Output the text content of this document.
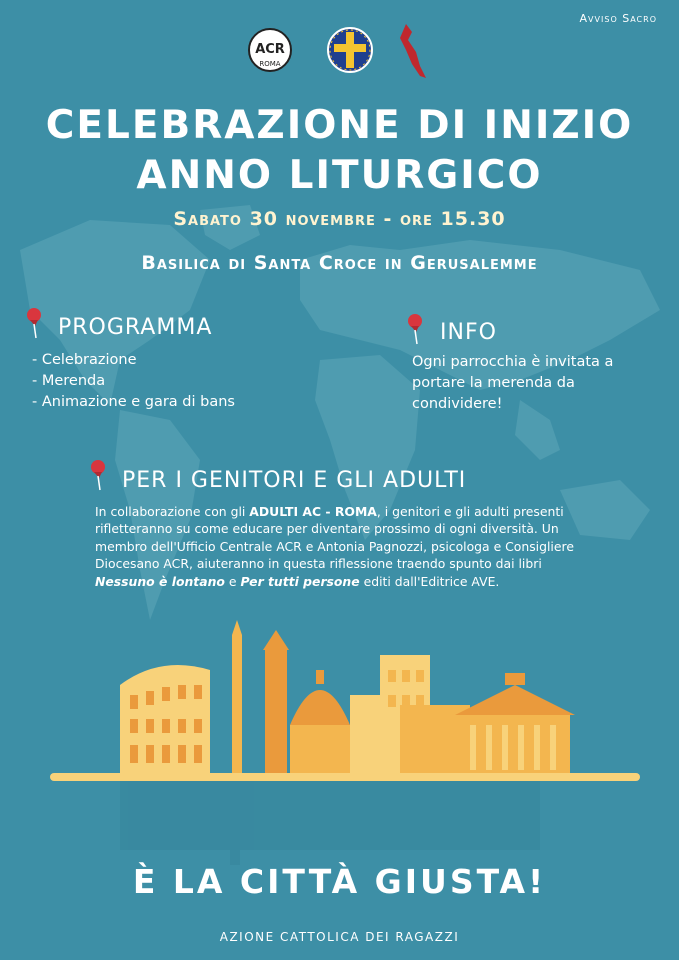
Avviso Sacro
ACR
ROMA
CELEBRAZIONE DI INIZIO
ANNO LITURGICO
Sabato 30 novembre - ore 15.30
Basilica di Santa Croce in Gerusalemme
PROGRAMMA
- Celebrazione
- Merenda
- Animazione e gara di bans
INFO
Ogni parrocchia è invitata a
portare la merenda da
condividere!
PER I GENITORI E GLI ADULTI

In collaborazione con gli ADULTI AC - ROMA, i genitori e gli adulti presenti rifletteranno su come educare per diventare prossimo di ogni diversità. Un membro dell'Ufficio Centrale ACR e Antonia Pagnozzi, psicologa e Consigliere Diocesano ACR, aiuteranno in questa riflessione traendo spunto dai libri Nessuno è lontano e Per tutti persone editi dall'Editrice AVE.

È LA CITTÀ GIUSTA!
AZIONE CATTOLICA DEI RAGAZZI
